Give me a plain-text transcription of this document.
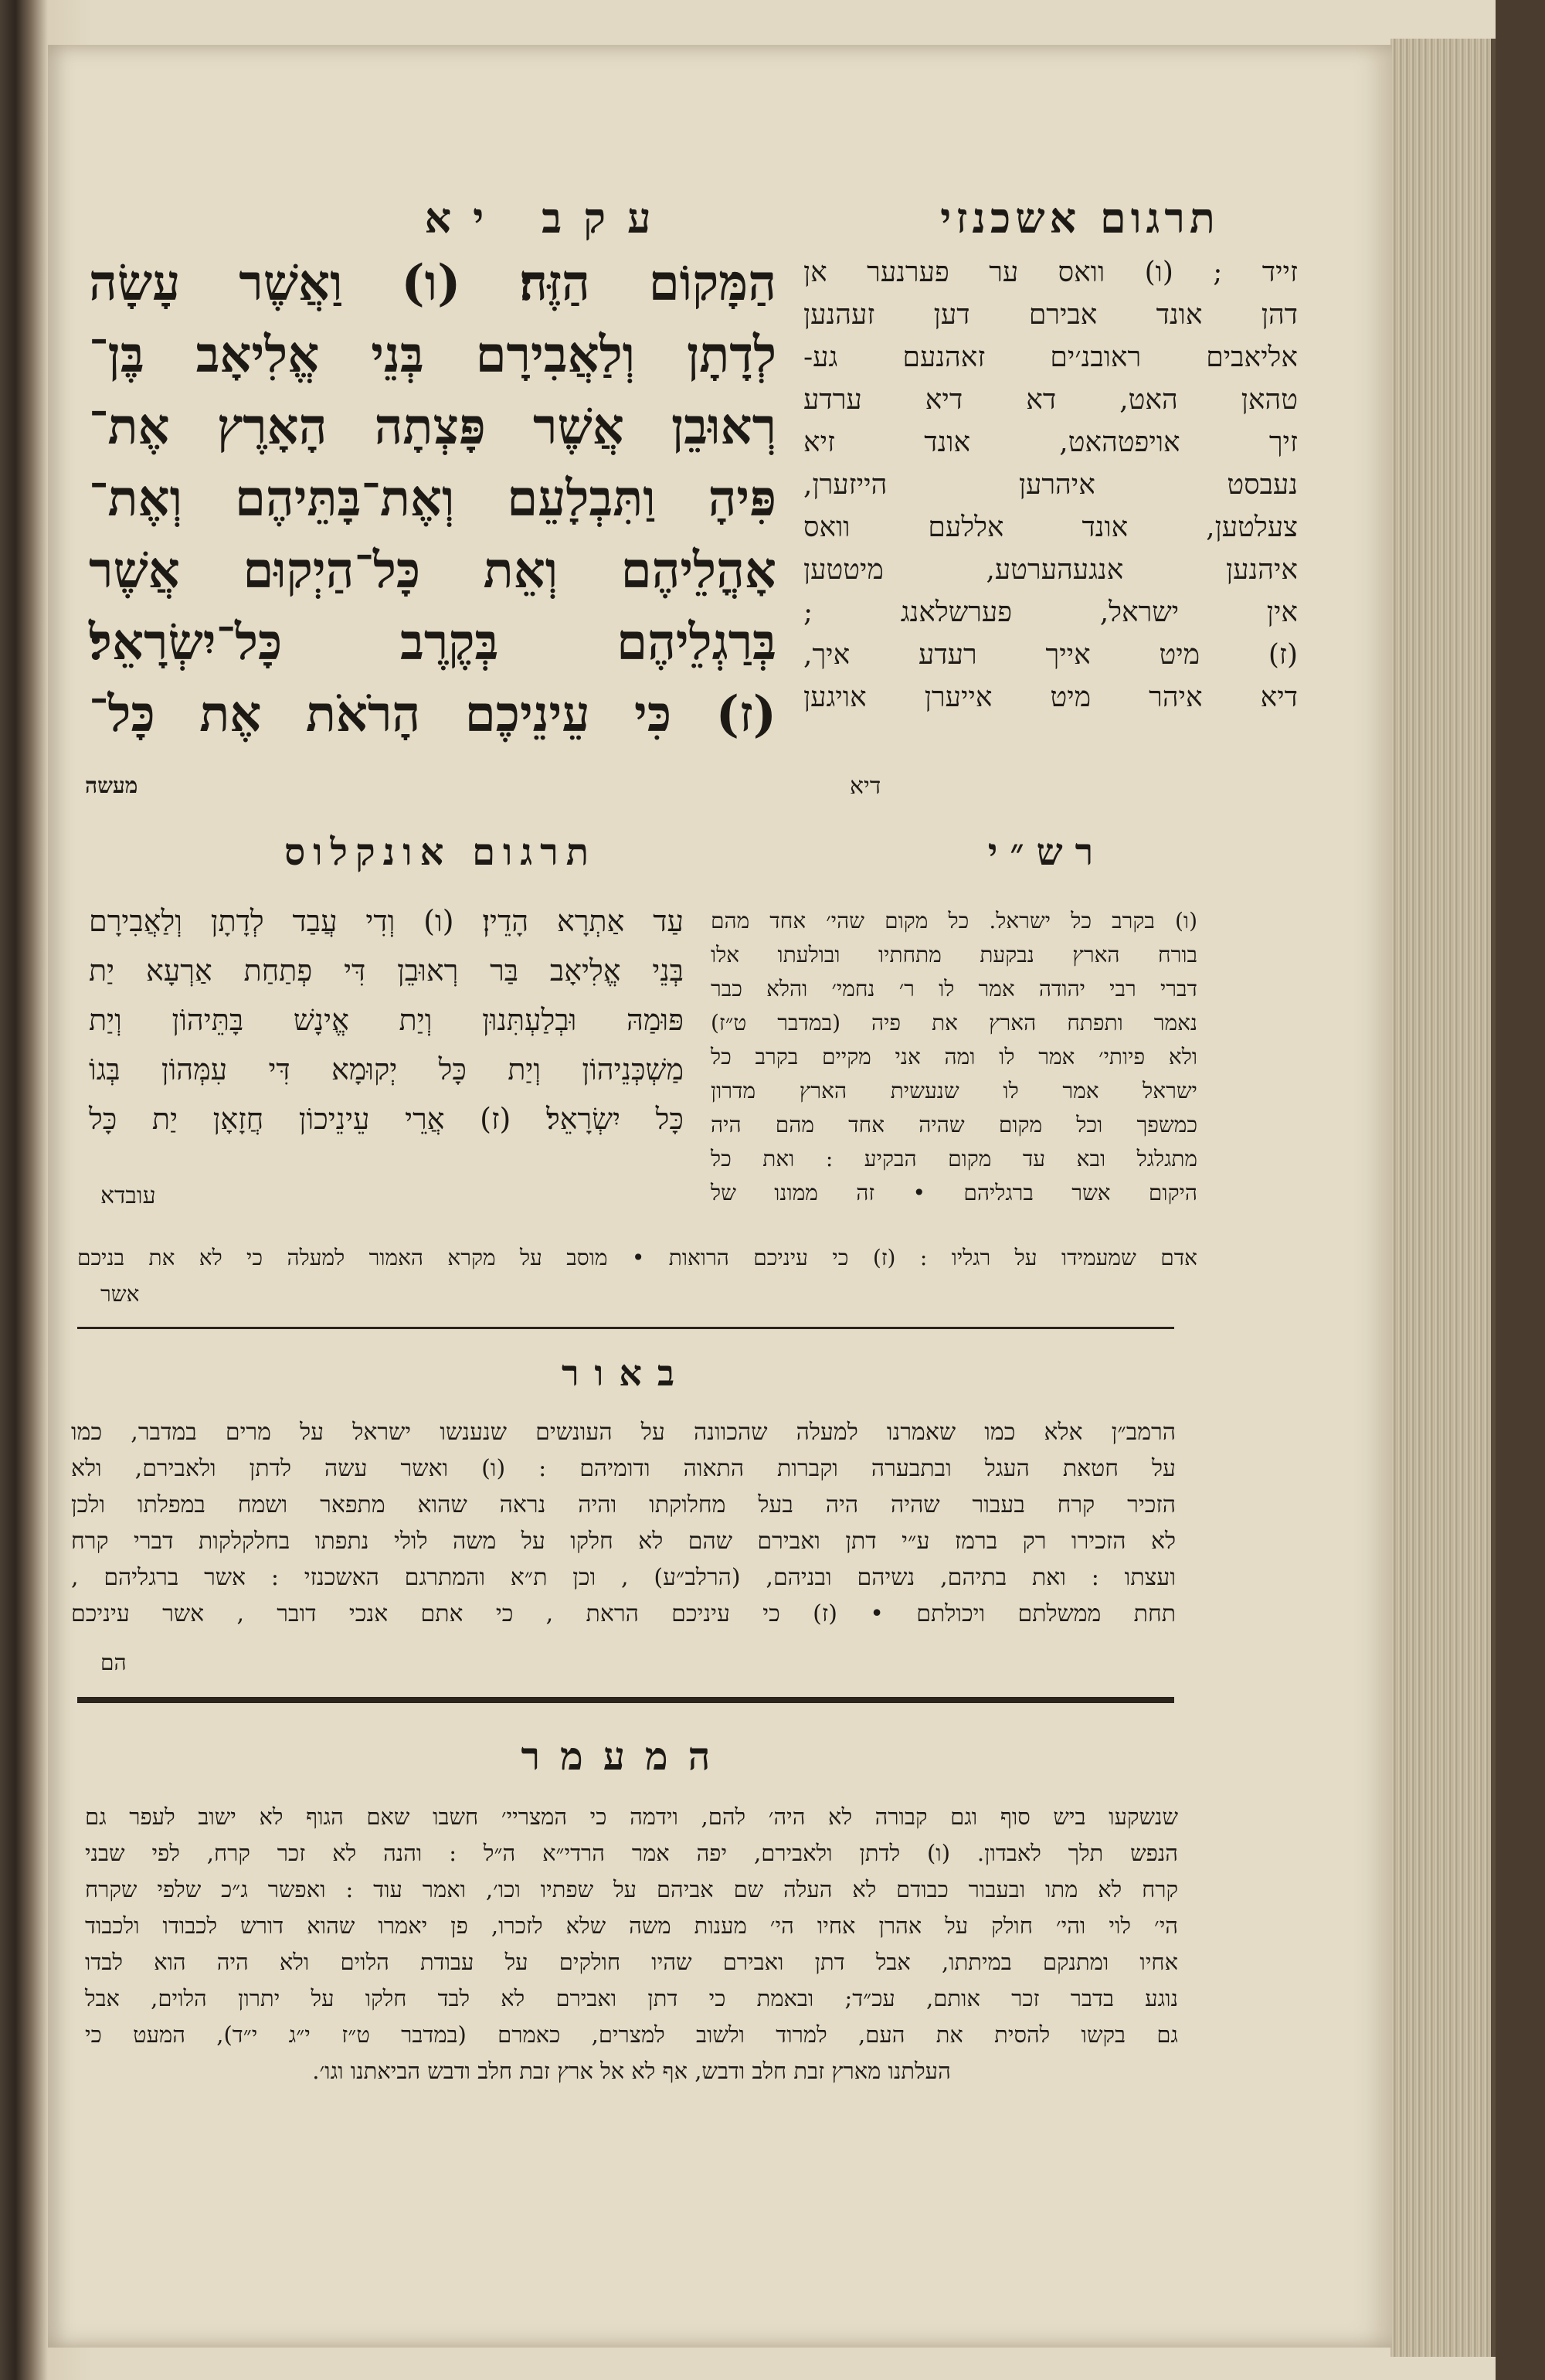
תרגום אשכנזי
עקב יא
הַמָּקוֹם הַזֶּה׃ (ו) וַאֲשֶׁר עָשָׂה
לְדָתָן וְלַאֲבִירָם בְּנֵי אֱלִיאָב בֶּן־
רְאוּבֵן אֲשֶׁר פָּצְתָה הָאָרֶץ אֶת־
פִּיהָ וַתִּבְלָעֵם וְאֶת־בָּתֵּיהֶם וְאֶת־
אָהֳלֵיהֶם וְאֵת כָּל־הַיְקוּם אֲשֶׁר
בְּרַגְלֵיהֶם בְּקֶרֶב כָּל־יִשְׂרָאֵל׃
(ז) כִּי עֵינֵיכֶם הָרֹאֹת אֶת כָּל־
מעשה
זייד ; (ו) וואס ער פערנער אן
דהן אונד אבירם דען זעהנען
אליאבים ראובנ׳ים זאהנעם גע-
טהאן האט, דא דיא ערדע
זיך אויפטהאט, אונד זיא
נעבסט איהרען הייזערן,
צעלטען, אונד אללעם וואס
איהנען אנגעהערטע, מיטטען
אין ישראל, פערשלאנג ;
(ז) מיט אייך רעדע איך,
דיא איהר מיט אייערן אויגען
דיא
רש״י
תרגום אונקלוס
עַד אַתְרָא הָדֵין׃ (ו) וְדִי עֲבַד לְדָתָן וְלַאֲבִירָם
בְּנֵי אֱלִיאָב בַּר רְאוּבֵן דִּי פְתַחַת אַרְעָא יַת
פּוּמַהּ וּבְלַעְתִּנוּן וְיַת אֱינָשׁ בָּתֵּיהוֹן וְיַת
מַשְׁכְּנֵיהוֹן וְיַת כָּל יְקוּמָא דִּי עִמְּהוֹן בְּגוֹ
כָּל יִשְׂרָאֵל׃ (ז) אֲרֵי עֵינֵיכוֹן חֲזָאָן יַת כָּל
עובדא
(ו) בקרב כל ישראל. כל מקום שהי׳ אחד מהם
בורח הארץ נבקעת מתחתיו ובולעתו אלו
דברי רבי יהודה אמר לו ר׳ נחמי׳ והלא כבר
נאמר ותפתח הארץ את פיה (במדבר ט״ז)
ולא פיותי׳ אמר לו ומה אני מקיים בקרב כל
ישראל אמר לו שנעשית הארץ מדרון
כמשפך וכל מקום שהיה אחד מהם היה
מתגלגל ובא עד מקום הבקיע : ואת כל
היקום אשר ברגליהם • זה ממונו של
אדם שמעמידו על רגליו : (ז) כי עיניכם הרואות • מוסב על מקרא האמור למעלה כי לא את בניכם
אשר
באור
הרמב״ן אלא כמו שאמרנו למעלה שהכוונה על העונשים שנענשו ישראל על מרים במדבר, כמו
על חטאת העגל ובתבערה וקברות התאוה ודומיהם : (ו) ואשר עשה לדתן ולאבירם, ולא
הזכיר קרח בעבור שהיה היה בעל מחלוקתו והיה נראה שהוא מתפאר ושמח במפלתו ולכן
לא הזכירו רק ברמז ע״י דתן ואבירם שהם לא חלקו על משה לולי נתפתו בחלקלקות דברי קרח
ועצתו : ואת בתיהם, נשיהם ובניהם, (הרלב״ע) , וכן ת״א והמתרגם האשכנזי : אשר ברגליהם ,
תחת ממשלתם ויכולתם • (ז) כי עיניכם הראת , כי אתם אנכי דובר , אשר עיניכם
הם
המעמר
שנשקעו ביש סוף וגם קבורה לא היה׳ להם, וידמה כי המצריי׳ חשבו שאם הגוף לא ישוב לעפר גם
הנפש תלך לאבדון. (ו) לדתן ולאבירם, יפה אמר הרדי״א ה״ל : והנה לא זכר קרח, לפי שבני
קרח לא מתו ובעבור כבודם לא העלה שם אביהם על שפתיו וכו׳, ואמר עוד : ואפשר ג״כ שלפי שקרח
הי׳ לוי והי׳ חולק על אהרן אחיו הי׳ מענות משה שלא לזכרו, פן יאמרו שהוא דורש לכבודו ולכבוד
אחיו ומתנקם במיתתו, אבל דתן ואבירם שהיו חולקים על עבודת הלוים ולא היה הוא לבדו
נוגע בדבר זכר אותם, עכ״ד; ובאמת כי דתן ואבירם לא לבד חלקו על יתרון הלוים, אבל
גם בקשו להסית את העם, למרוד ולשוב למצרים, כאמרם (במדבר ט״ז י״ג י״ד), המעט כי
העלתנו מארץ זבת חלב ודבש, אף לא אל ארץ זבת חלב ודבש הביאתנו וגו׳.
